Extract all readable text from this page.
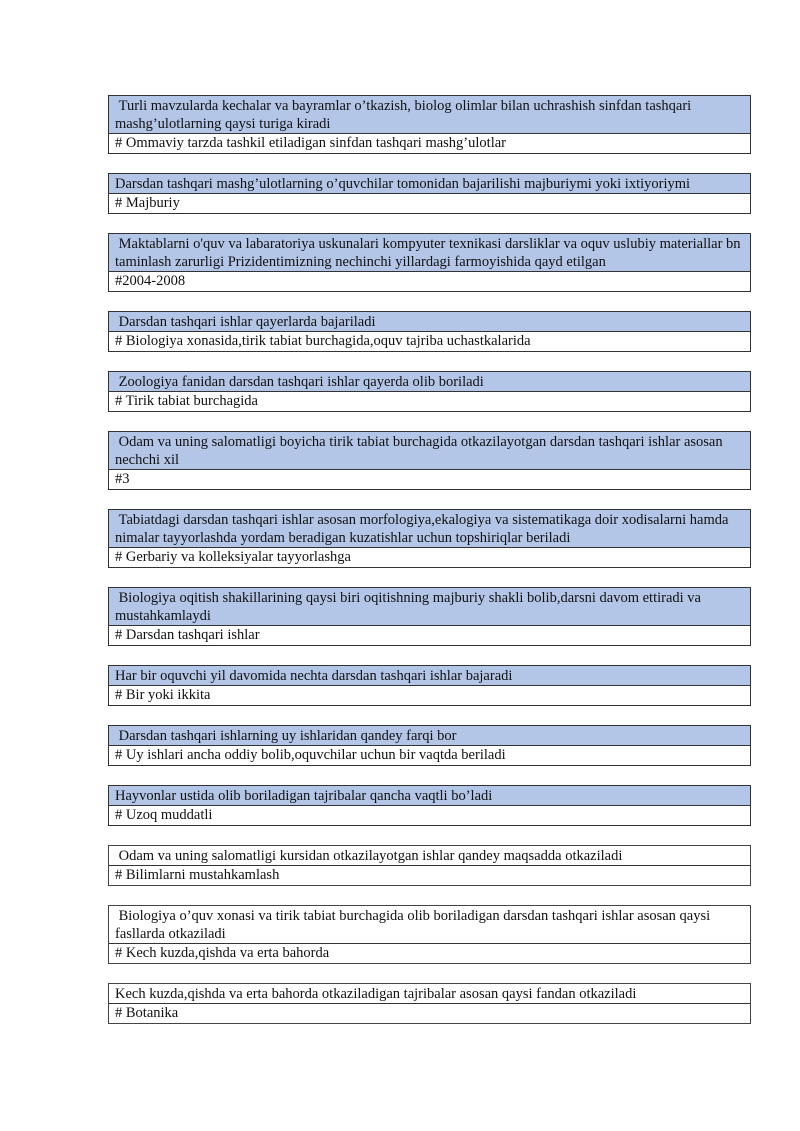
Turli mavzularda kechalar va bayramlar o’tkazish, biolog olimlar bilan uchrashish sinfdan tashqari mashg’ulotlarning qaysi turiga kiradi
# Ommaviy tarzda tashkil etiladigan sinfdan tashqari mashg’ulotlar
Darsdan tashqari mashg’ulotlarning o’quvchilar tomonidan bajarilishi majburiymi yoki ixtiyoriymi
# Majburiy
Maktablarni o'quv va labaratoriya uskunalari kompyuter texnikasi darsliklar va oquv uslubiy materiallar bn taminlash zarurligi Prizidentimizning nechinchi yillardagi farmoyishida qayd etilgan
#2004-2008
Darsdan tashqari ishlar qayerlarda bajariladi
# Biologiya xonasida,tirik tabiat burchagida,oquv tajriba uchastkalarida
Zoologiya fanidan darsdan tashqari ishlar qayerda olib boriladi
# Tirik tabiat burchagida
Odam va uning salomatligi boyicha tirik tabiat burchagida otkazilayotgan darsdan tashqari ishlar asosan nechchi xil
#3
Tabiatdagi darsdan tashqari ishlar asosan morfologiya,ekalogiya va sistematikaga doir xodisalarni hamda nimalar tayyorlashda yordam beradigan kuzatishlar uchun topshiriqlar beriladi
# Gerbariy va kolleksiyalar tayyorlashga
Biologiya oqitish shakillarining qaysi biri oqitishning majburiy shakli bolib,darsni davom ettiradi va mustahkamlaydi
# Darsdan tashqari ishlar
Har bir oquvchi yil davomida nechta darsdan tashqari ishlar bajaradi
# Bir yoki ikkita
Darsdan tashqari ishlarning uy ishlaridan qandey farqi bor
# Uy ishlari ancha oddiy bolib,oquvchilar uchun bir vaqtda beriladi
Hayvonlar ustida olib boriladigan tajribalar qancha vaqtli bo’ladi
# Uzoq muddatli
Odam va uning salomatligi kursidan otkazilayotgan ishlar qandey maqsadda otkaziladi
# Bilimlarni mustahkamlash
Biologiya o’quv xonasi va tirik tabiat burchagida olib boriladigan darsdan tashqari ishlar asosan qaysi fasllarda otkaziladi
# Kech kuzda,qishda va erta bahorda
Kech kuzda,qishda va erta bahorda otkaziladigan tajribalar asosan qaysi fandan otkaziladi
# Botanika
